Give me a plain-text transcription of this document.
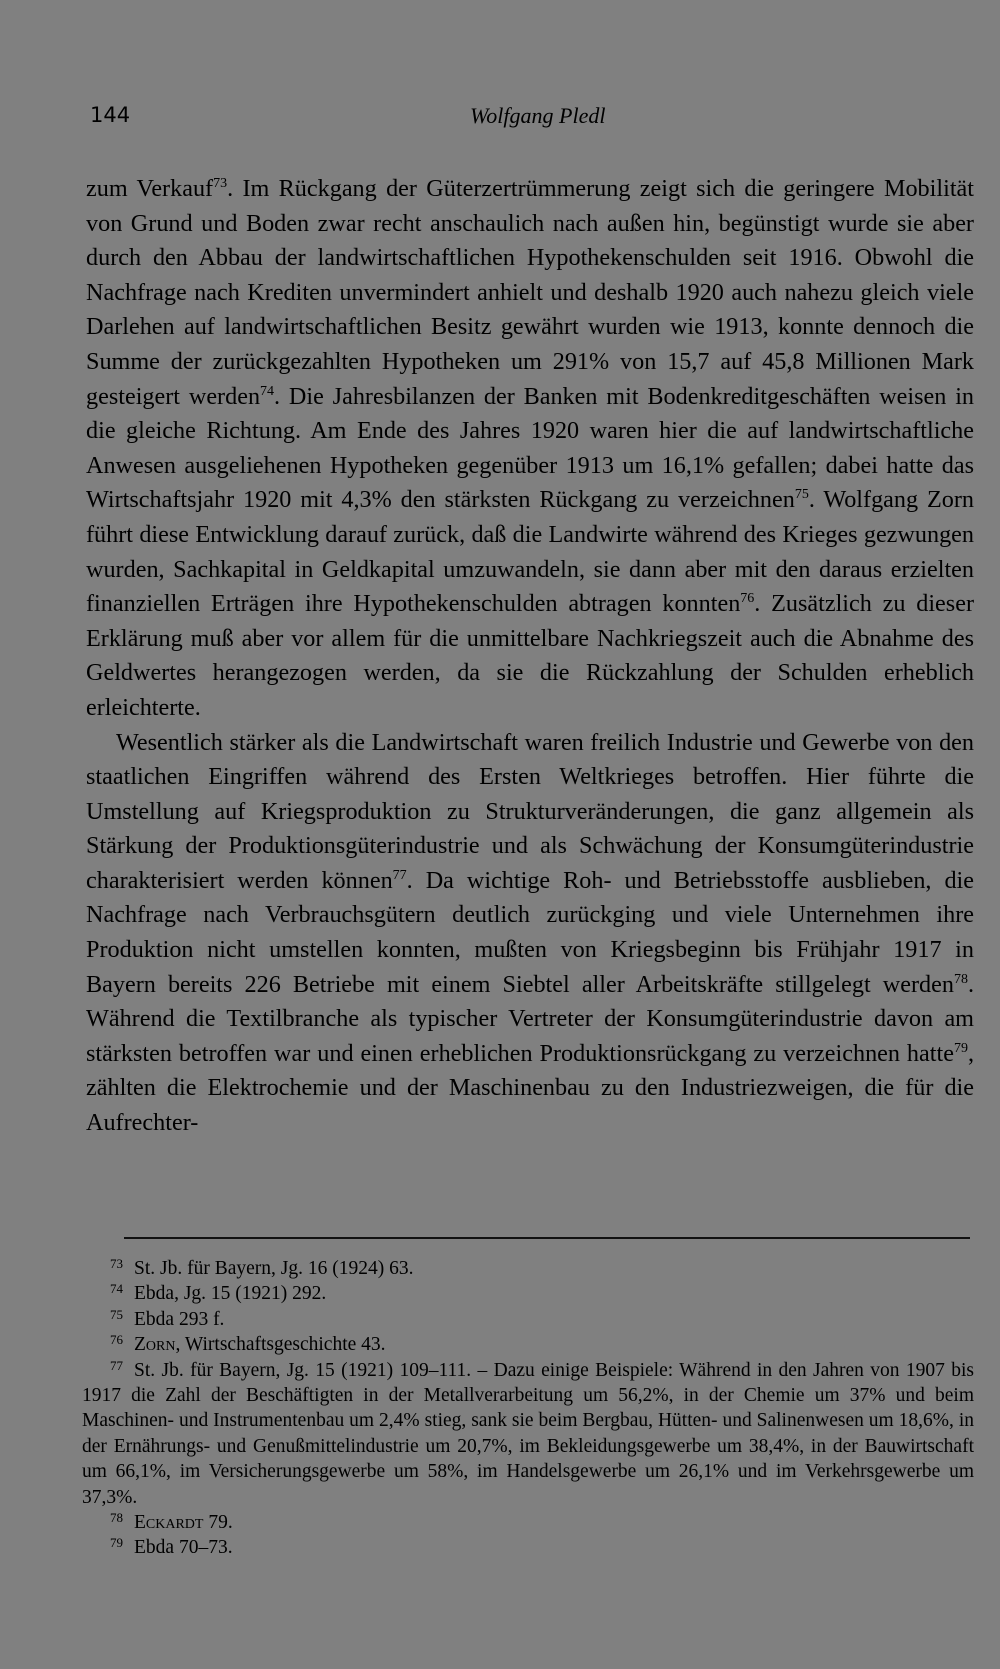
144	Wolfgang Pledl

zum Verkauf$^{73}$. Im Rückgang der Güterzertrümmerung zeigt sich die geringere Mobilität von Grund und Boden zwar recht anschaulich nach außen hin, begünstigt wurde sie aber durch den Abbau der landwirtschaftlichen Hypothekenschulden seit 1916. Obwohl die Nachfrage nach Krediten unvermindert anhielt und deshalb 1920 auch nahezu gleich viele Darlehen auf landwirtschaftlichen Besitz gewährt wurden wie 1913, konnte dennoch die Summe der zurückgezahlten Hypotheken um 291% von 15,7 auf 45,8 Millionen Mark gesteigert werden$^{74}$. Die Jahresbilanzen der Banken mit Bodenkreditgeschäften weisen in die gleiche Richtung. Am Ende des Jahres 1920 waren hier die auf landwirtschaftliche Anwesen ausgeliehenen Hypotheken gegenüber 1913 um 16,1% gefallen; dabei hatte das Wirtschaftsjahr 1920 mit 4,3% den stärksten Rückgang zu verzeichnen$^{75}$. Wolfgang Zorn führt diese Entwicklung darauf zurück, daß die Landwirte während des Krieges gezwungen wurden, Sachkapital in Geldkapital umzuwandeln, sie dann aber mit den daraus erzielten finanziellen Erträgen ihre Hypothekenschulden abtragen konnten$^{76}$. Zusätzlich zu dieser Erklärung muß aber vor allem für die unmittelbare Nachkriegszeit auch die Abnahme des Geldwertes herangezogen werden, da sie die Rückzahlung der Schulden erheblich erleichterte.

Wesentlich stärker als die Landwirtschaft waren freilich Industrie und Gewerbe von den staatlichen Eingriffen während des Ersten Weltkrieges betroffen. Hier führte die Umstellung auf Kriegsproduktion zu Strukturveränderungen, die ganz allgemein als Stärkung der Produktionsgüterindustrie und als Schwächung der Konsumgüterindustrie charakterisiert werden können$^{77}$. Da wichtige Roh- und Betriebsstoffe ausblieben, die Nachfrage nach Verbrauchsgütern deutlich zurückging und viele Unternehmen ihre Produktion nicht umstellen konnten, mußten von Kriegsbeginn bis Frühjahr 1917 in Bayern bereits 226 Betriebe mit einem Siebtel aller Arbeitskräfte stillgelegt werden$^{78}$. Während die Textilbranche als typischer Vertreter der Konsumgüterindustrie davon am stärksten betroffen war und einen erheblichen Produktionsrückgang zu verzeichnen hatte$^{79}$, zählten die Elektrochemie und der Maschinenbau zu den Industriezweigen, die für die Aufrechter-

73 St. Jb. für Bayern, Jg. 16 (1924) 63.
74 Ebda, Jg. 15 (1921) 292.
75 Ebda 293 f.
76 Zorn, Wirtschaftsgeschichte 43.
77 St. Jb. für Bayern, Jg. 15 (1921) 109–111. – Dazu einige Beispiele: Während in den Jahren von 1907 bis 1917 die Zahl der Beschäftigten in der Metallverarbeitung um 56,2%, in der Chemie um 37% und beim Maschinen- und Instrumentenbau um 2,4% stieg, sank sie beim Bergbau, Hütten- und Salinenwesen um 18,6%, in der Ernährungs- und Genußmittelindustrie um 20,7%, im Bekleidungsgewerbe um 38,4%, in der Bauwirtschaft um 66,1%, im Versicherungsgewerbe um 58%, im Handelsgewerbe um 26,1% und im Verkehrsgewerbe um 37,3%.
78 Eckardt 79.
79 Ebda 70–73.
